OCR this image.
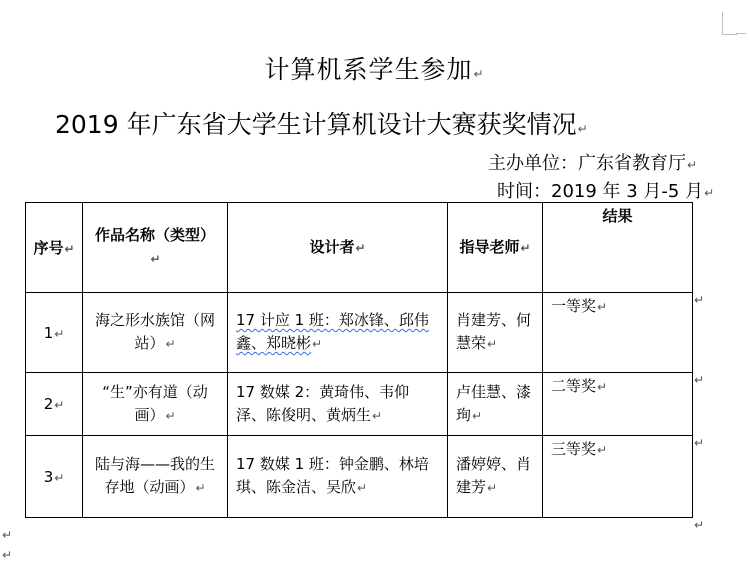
计算机系学生参加↵
2019 年广东省大学生计算机设计大赛获奖情况↵
主办单位：广东省教育厅↵
时间：2019 年 3 月-5 月↵
序号↵	作品名称（类型）↵	设计者↵	指导老师↵	结果
1↵	海之形水族馆（网站）↵	17 计应 1 班：郑冰锋、邱伟鑫、郑晓彬↵	肖建芳、何慧荣↵	一等奖↵
2↵	“生”亦有道（动画）↵	17 数媒 2：黄琦伟、韦仰泽、陈俊明、黄炳生↵	卢佳慧、漆珣↵	二等奖↵
3↵	陆与海——我的生存地（动画）↵	17 数媒 1 班：钟金鹏、林培琪、陈金洁、吴欣↵	潘婷婷、肖建芳↵	三等奖↵
↵
↵
↵
↵
↵
↵
